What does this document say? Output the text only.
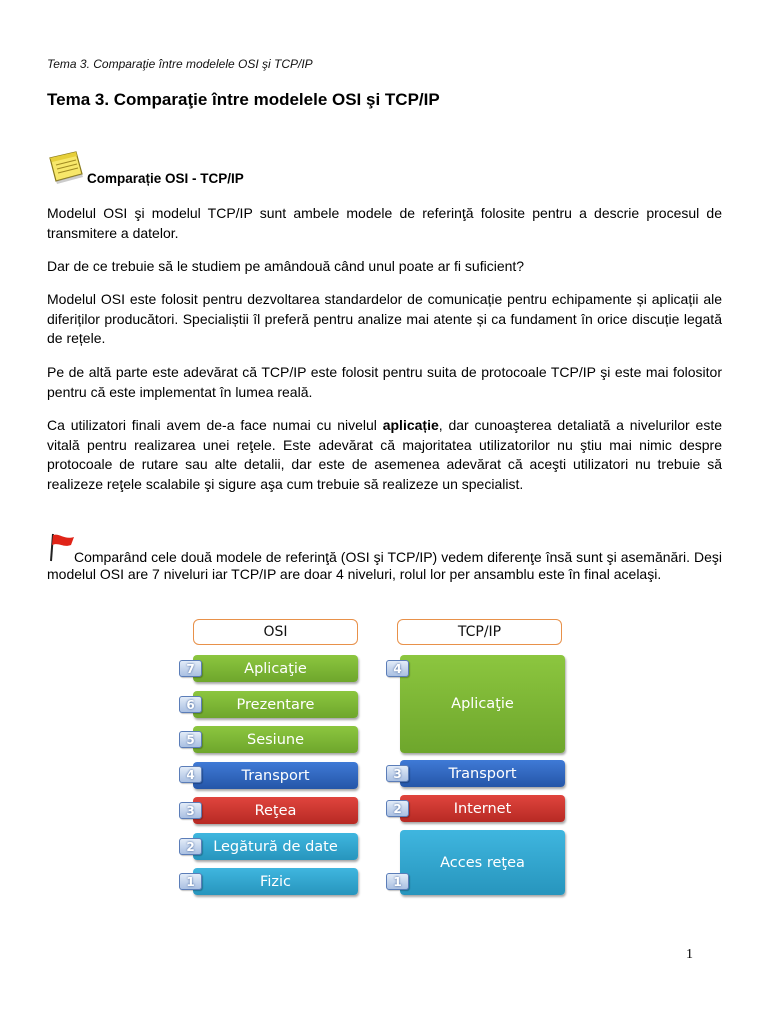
Tema 3. Comparaţie între modelele OSI şi TCP/IP
Tema 3. Comparaţie între modelele OSI şi TCP/IP
Comparație OSI - TCP/IP

Modelul OSI şi modelul TCP/IP sunt ambele modele de referinţă folosite pentru a descrie procesul de transmitere a datelor.

Dar de ce trebuie să le studiem pe amândouă când unul poate ar fi suficient?

Modelul OSI este folosit pentru dezvoltarea standardelor de comunicație pentru echipamente și aplicații ale diferiților producători. Specialiștii îl preferă pentru analize mai atente și ca fundament în orice discuție legată de rețele.

Pe de altă parte este adevărat că TCP/IP este folosit pentru suita de protocoale TCP/IP şi este mai folositor pentru că este implementat în lumea reală.

Ca utilizatori finali avem de-a face numai cu nivelul aplicație, dar cunoaşterea detaliată a nivelurilor este vitală pentru realizarea unei reţele. Este adevărat că majoritatea utilizatorilor nu ştiu mai nimic despre protocoale de rutare sau alte detalii, dar este de asemenea adevărat că aceşti utilizatori nu trebuie să realizeze reţele scalabile şi sigure aşa cum trebuie să realizeze un specialist.

Comparând cele două modele de referinţă (OSI şi TCP/IP) vedem diferenţe însă sunt şi asemănări. Deşi modelul OSI are 7 niveluri iar TCP/IP are doar 4 niveluri, rolul lor per ansamblu este în final acelaşi.

OSI	TCP/IP
Aplicaţie
7
Prezentare
6
Sesiune
5
Transport
4
Reţea
3
Legătură de date
2
Fizic
1
Aplicaţie
4
Transport
3
Internet
2
Acces reţea
1
1
